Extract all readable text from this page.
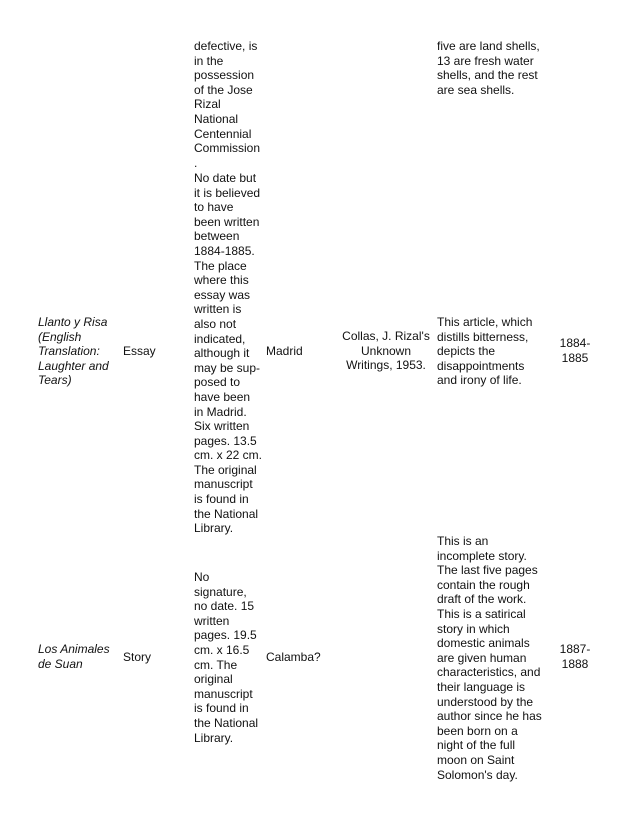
defective, is
in the
possession
of the Jose
Rizal
National
Centennial
Commission
.
five are land shells,
13 are fresh water
shells, and the rest
are sea shells.
Llanto y Risa
(English
Translation:
Laughter and
Tears)
Essay
No date but
it is believed
to have
been written
between
1884-1885.
The place
where this
essay was
written is
also not
indicated,
although it
may be sup-
posed to
have been
in Madrid.
Six written
pages. 13.5
cm. x 22 cm.
The original
manuscript
is found in
the National
Library.
Madrid
Collas, J. Rizal's
Unknown
Writings, 1953.
This article, which
distills bitterness,
depicts the
disappointments
and irony of life.
1884-
1885
Los Animales
de Suan	Story
No
signature,
no date. 15
written
pages. 19.5
cm. x 16.5
cm. The
original
manuscript
is found in
the National
Library.
Calamba?
This is an
incomplete story.
The last five pages
contain the rough
draft of the work.
This is a satirical
story in which
domestic animals
are given human
characteristics, and
their language is
understood by the
author since he has
been born on a
night of the full
moon on Saint
Solomon's day.
1887-
1888
